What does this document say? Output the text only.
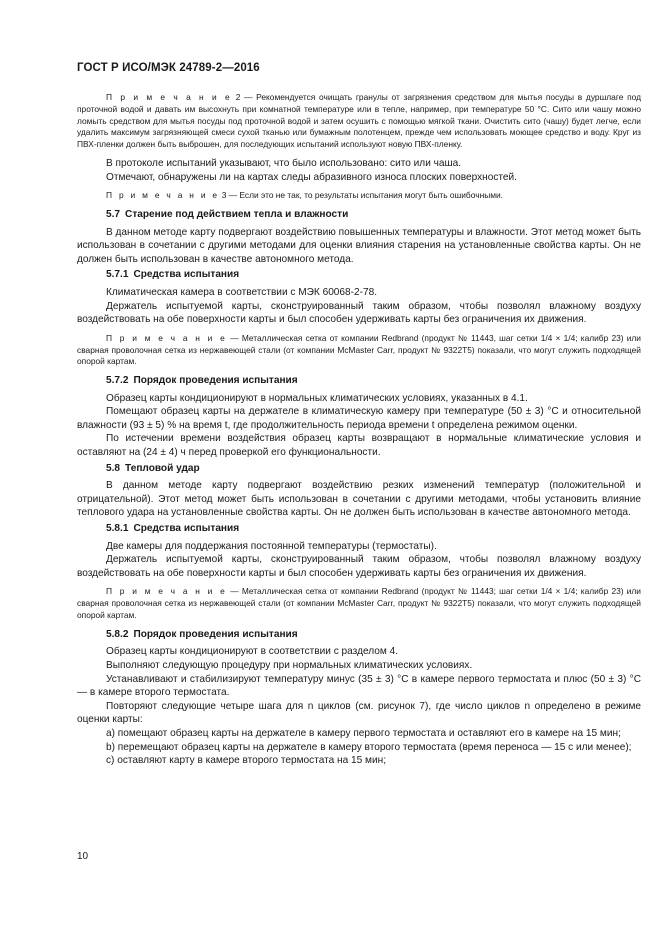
ГОСТ Р ИСО/МЭК 24789-2—2016

П р и м е ч а н и е 2 — Рекомендуется очищать гранулы от загрязнения средством для мытья посуды в дуршлаге под проточной водой и давать им высохнуть при комнатной температуре или в тепле, например, при температуре 50 °С. Сито или чашу можно ломыть средством для мытья посуды под проточной водой и затем осушить с помощью мягкой ткани. Очистить сито (чашу) будет легче, если удалить максимум загрязняющей смеси сухой тканью или бумажным полотенцем, прежде чем использовать моющее средство и воду. Круг из ПВХ-пленки должен быть выброшен, для последующих испытаний используют новую ПВХ-пленку.

В протоколе испытаний указывают, что было использовано: сито или чаша.

Отмечают, обнаружены ли на картах следы абразивного износа плоских поверхностей.

П р и м е ч а н и е 3 — Если это не так, то результаты испытания могут быть ошибочными.

5.7 Старение под действием тепла и влажности

В данном методе карту подвергают воздействию повышенных температуры и влажности. Этот метод может быть использован в сочетании с другими методами для оценки влияния старения на установленные свойства карты. Он не должен быть использован в качестве автономного метода.

5.7.1 Средства испытания

Климатическая камера в соответствии с МЭК 60068-2-78.

Держатель испытуемой карты, сконструированный таким образом, чтобы позволял влажному воздуху воздействовать на обе поверхности карты и был способен удерживать карты без ограничения их движения.

П р и м е ч а н и е — Металлическая сетка от компании Redbrand (продукт № 11443, шаг сетки 1/4 × 1/4; калибр 23) или сварная проволочная сетка из нержавеющей стали (от компании McMaster Carr, продукт № 9322Т5) показали, что могут служить подходящей опорой картам.

5.7.2 Порядок проведения испытания

Образец карты кондиционируют в нормальных климатических условиях, указанных в 4.1.

Помещают образец карты на держателе в климатическую камеру при температуре (50 ± 3) °С и относительной влажности (93 ± 5) % на время t, где продолжительность периода времени t определена режимом оценки.

По истечении времени воздействия образец карты возвращают в нормальные климатические условия и оставляют на (24 ± 4) ч перед проверкой его функциональности.

5.8 Тепловой удар

В данном методе карту подвергают воздействию резких изменений температур (положительной и отрицательной). Этот метод может быть использован в сочетании с другими методами, чтобы установить влияние теплового удара на установленные свойства карты. Он не должен быть использован в качестве автономного метода.

5.8.1 Средства испытания

Две камеры для поддержания постоянной температуры (термостаты).

Держатель испытуемой карты, сконструированный таким образом, чтобы позволял влажному воздуху воздействовать на обе поверхности карты и был способен удерживать карты без ограничения их движения.

П р и м е ч а н и е — Металлическая сетка от компании Redbrand (продукт № 11443; шаг сетки 1/4 × 1/4; калибр 23) или сварная проволочная сетка из нержавеющей стали (от компании McMaster Carr, продукт № 9322Т5) показали, что могут служить подходящей опорой картам.

5.8.2 Порядок проведения испытания

Образец карты кондиционируют в соответствии с разделом 4.

Выполняют следующую процедуру при нормальных климатических условиях.

Устанавливают и стабилизируют температуру минус (35 ± 3) °С в камере первого термостата и плюс (50 ± 3) °С — в камере второго термостата.

Повторяют следующие четыре шага для n циклов (см. рисунок 7), где число циклов n определено в режиме оценки карты:

a) помещают образец карты на держателе в камеру первого термостата и оставляют его в камере на 15 мин;

b) перемещают образец карты на держателе в камеру второго термостата (время переноса — 15 с или менее);

c) оставляют карту в камере второго термостата на 15 мин;

10
